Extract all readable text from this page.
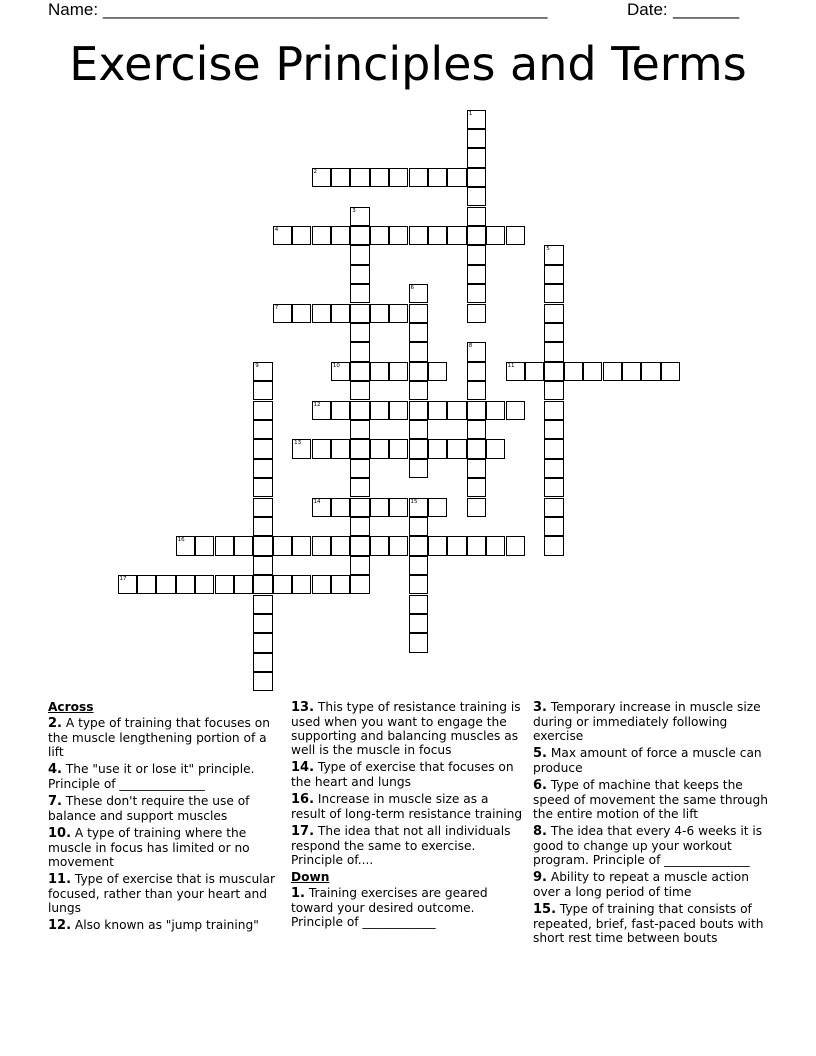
Name: ________________________________________________	Date: _______
Exercise Principles and Terms
1
2
3
4
5
6
7
8
9	10	11
12
13
14	15
16
17
Across
2. A type of training that focuses on the muscle lengthening portion of a lift
4. The "use it or lose it" principle. Principle of ______________
7. These don't require the use of balance and support muscles
10. A type of training where the muscle in focus has limited or no movement
11. Type of exercise that is muscular focused, rather than your heart and lungs
12. Also known as "jump training"
13. This type of resistance training is used when you want to engage the supporting and balancing muscles as well is the muscle in focus
14. Type of exercise that focuses on the heart and lungs
16. Increase in muscle size as a result of long-term resistance training
17. The idea that not all individuals respond the same to exercise. Principle of....
Down
1. Training exercises are geared toward your desired outcome. Principle of ____________
3. Temporary increase in muscle size during or immediately following exercise
5. Max amount of force a muscle can produce
6. Type of machine that keeps the speed of movement the same through the entire motion of the lift
8. The idea that every 4-6 weeks it is good to change up your workout program. Principle of ______________
9. Ability to repeat a muscle action over a long period of time
15. Type of training that consists of repeated, brief, fast-paced bouts with short rest time between bouts
